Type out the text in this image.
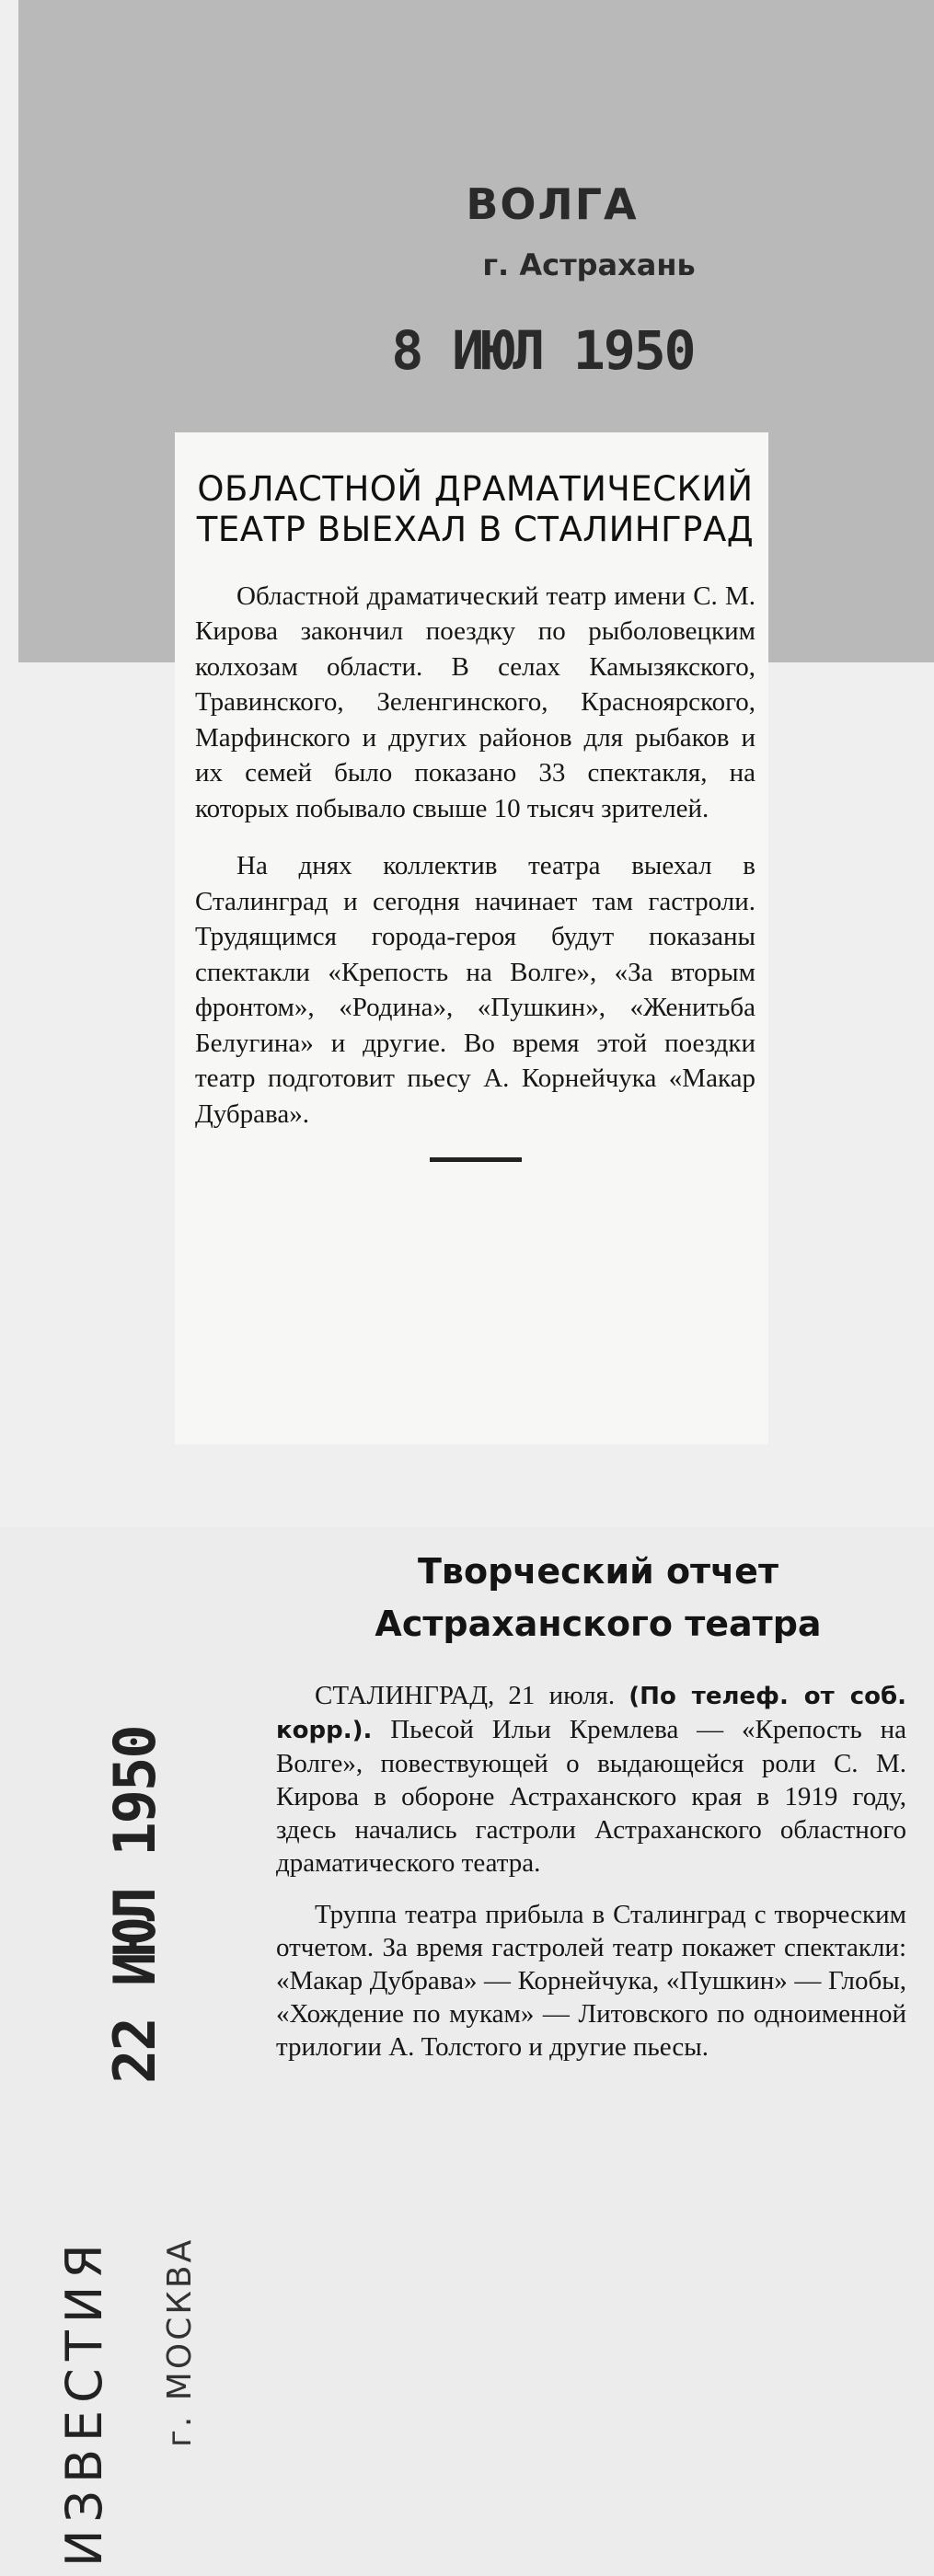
ВОЛГА
г. Астрахань
8 ИЮЛ 1950
ОБЛАСТНОЙ ДРАМАТИЧЕСКИЙ ТЕАТР ВЫЕХАЛ В СТАЛИНГРАД

Областной драматический театр имени С. М. Кирова закончил поездку по рыболовецким колхозам области. В селах Камызякского, Травинского, Зеленгинского, Красноярского, Марфинского и других районов для рыбаков и их семей было показано 33 спектакля, на которых побывало свыше 10 тысяч зрителей.

На днях коллектив театра выехал в Сталинград и сегодня начинает там гастроли. Трудящимся города-героя будут показаны спектакли «Крепость на Волге», «За вторым фронтом», «Родина», «Пушкин», «Женитьба Белугина» и другие. Во время этой поездки театр подготовит пьесу А. Корнейчука «Макар Дубрава».

Творческий отчет
Астраханского театра

СТАЛИНГРАД, 21 июля. (По телеф. от соб. корр.). Пьесой Ильи Кремлева — «Крепость на Волге», повествующей о выдающейся роли С. М. Кирова в обороне Астраханского края в 1919 году, здесь начались гастроли Астраханского областного драматического театра.

Труппа театра прибыла в Сталинград с творческим отчетом. За время гастролей театр покажет спектакли: «Макар Дубрава» — Корнейчука, «Пушкин» — Глобы, «Хождение по мукам» — Литовского по одноименной трилогии А. Толстого и другие пьесы.

ИЗВЕСТИЯ
22 ИЮЛ 1950
г. МОСКВА
